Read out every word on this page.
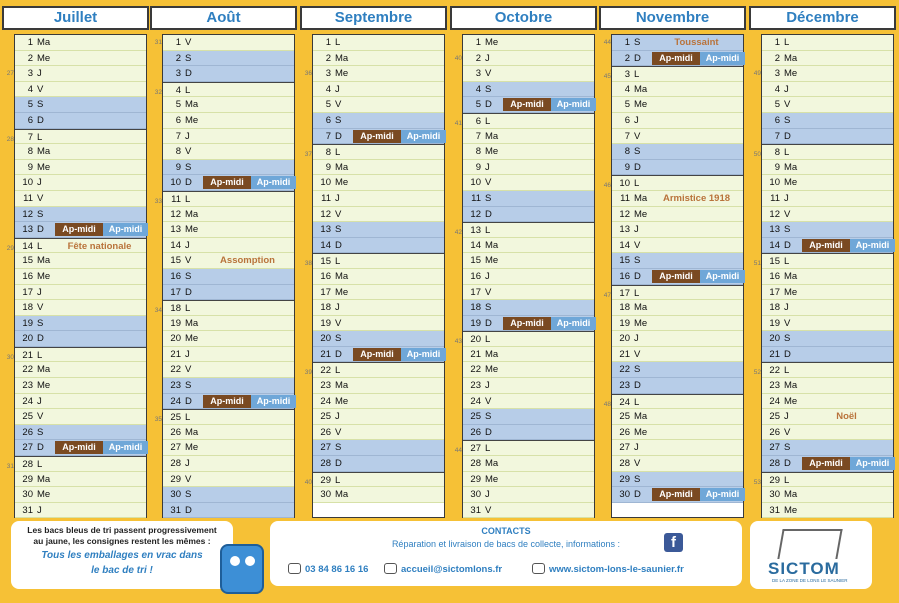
Juillet
27
1 Ma
2 Me
3 J
4 V
5 S
6 D
28	7 L
8 Ma
9 Me
10 J
11 V
12 S
13 D	Ap-midi	Ap-midi
29 14 L	Fête nationale
15 Ma
16 Me
17 J
18 V
19 S
20 D
30 21 L
22 Ma
23 Me
24 J
25 V
26 S
27 D	Ap-midi	Ap-midi
31 28 L
29 Ma
30 Me
31 J
Août
31	1 V
2 S
3 D
32	4 L
5 Ma
6 Me
7 J
8 V
9 S
10 D	Ap-midi	Ap-midi
33 11 L
12 Ma
13 Me
14 J
15 V	Assomption
16 S
17 D
34 18 L
19 Ma
20 Me
21 J
22 V
23 S
24 D	Ap-midi	Ap-midi
35 25 L
26 Ma
27 Me
28 J
29 V
30 S
31 D
Septembre
36
1 L
2 Ma
3 Me
4 J
5 V
6 S
7 D	Ap-midi	Ap-midi
37	8 L
9 Ma
10 Me
11 J
12 V
13 S
14 D
38 15 L
16 Ma
17 Me
18 J
19 V
20 S
21 D	Ap-midi	Ap-midi
39 22 L
23 Ma
24 Me
25 J
26 V
27 S
28 D
40 29 L
30 Ma
Octobre
40
1 Me
2 J
3 V
4 S
5 D	Ap-midi	Ap-midi
41	6 L
7 Ma
8 Me
9 J
10 V
11 S
12 D
42 13 L
14 Ma
15 Me
16 J
17 V
18 S
19 D	Ap-midi	Ap-midi
43 20 L
21 Ma
22 Me
23 J
24 V
25 S
26 D
44 27 L
28 Ma
29 Me
30 J
31 V
Novembre
44	1 S	Toussaint
2 D	Ap-midi	Ap-midi
45	3 L
4 Ma
5 Me
6 J
7 V
8 S
9 D
46 10 L
11 Ma	Armistice 1918
12 Me
13 J
14 V
15 S
16 D	Ap-midi	Ap-midi
47 17 L
18 Ma
19 Me
20 J
21 V
22 S
23 D
48 24 L
25 Ma
26 Me
27 J
28 V
29 S
30 D	Ap-midi	Ap-midi
Décembre
49
1 L
2 Ma
3 Me
4 J
5 V
6 S
7 D
50	8 L
9 Ma
10 Me
11 J
12 V
13 S
14 D	Ap-midi	Ap-midi
51 15 L
16 Ma
17 Me
18 J
19 V
20 S
21 D
52 22 L
23 Ma
24 Me
25 J	Noël
26 V
27 S
28 D	Ap-midi	Ap-midi
53 29 L
30 Ma
31 Me
Les bacs bleus de tri passent progressivement
au jaune, les consignes restent les mêmes :
Tous les emballages en vrac dans
le bac de tri !
CONTACTS
Réparation et livraison de bacs de collecte, informations :	f
03 84 86 16 16	accueil@sictomlons.fr	www.sictom-lons-le-saunier.fr	SICTOM
DE LA ZONE DE LONS LE SAUNIER
